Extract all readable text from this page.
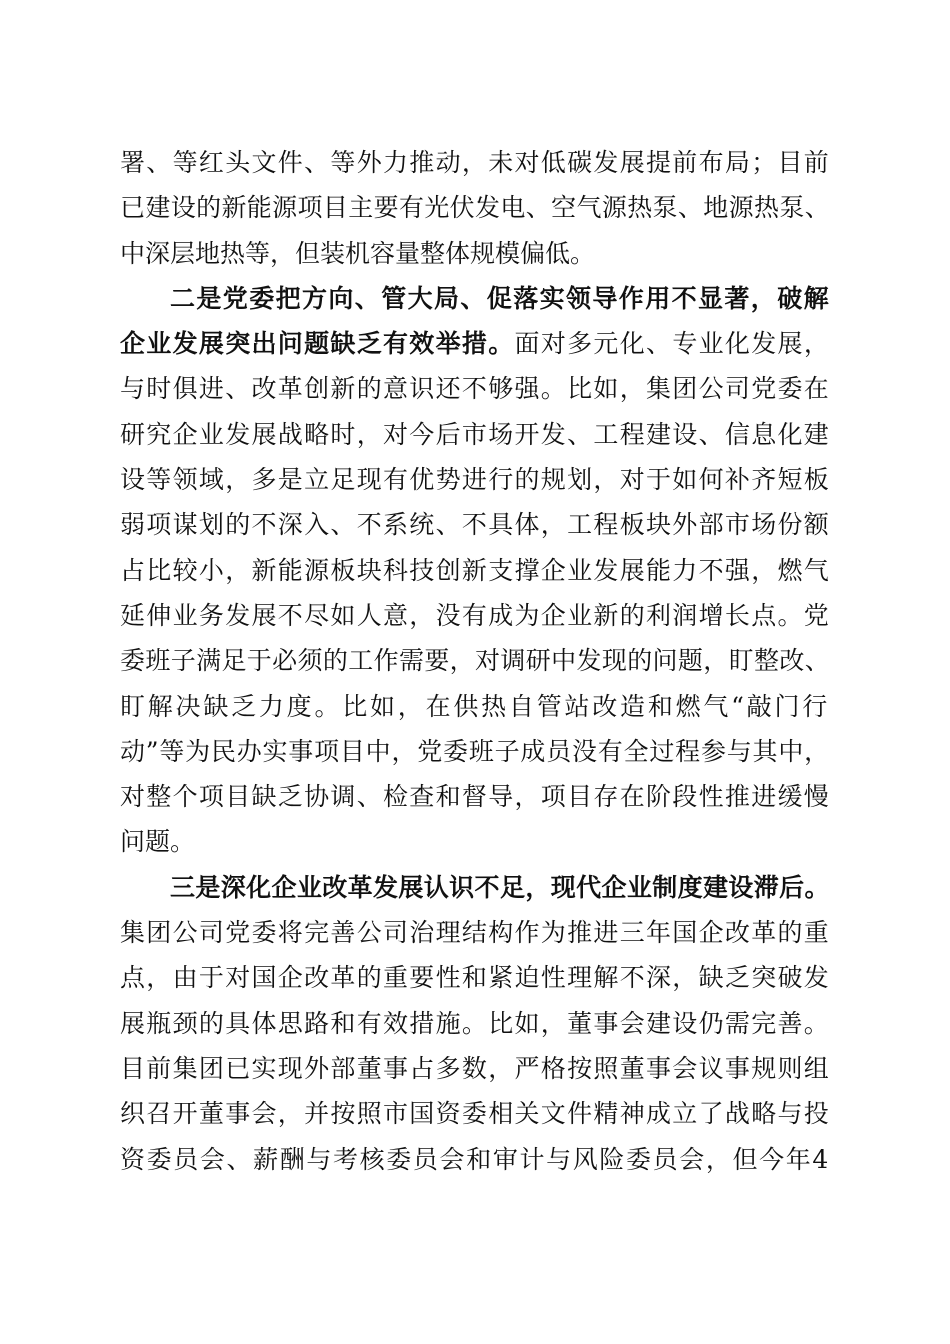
署、等红头文件、等外力推动，未对低碳发展提前布局；目前
已建设的新能源项目主要有光伏发电、空气源热泵、地源热泵、
中深层地热等，但装机容量整体规模偏低。
二是党委把方向、管大局、促落实领导作用不显著，破解
企业发展突出问题缺乏有效举措。面对多元化、专业化发展，
与时俱进、改革创新的意识还不够强。比如，集团公司党委在
研究企业发展战略时，对今后市场开发、工程建设、信息化建
设等领域，多是立足现有优势进行的规划，对于如何补齐短板
弱项谋划的不深入、不系统、不具体，工程板块外部市场份额
占比较小，新能源板块科技创新支撑企业发展能力不强，燃气
延伸业务发展不尽如人意，没有成为企业新的利润增长点。党
委班子满足于必须的工作需要，对调研中发现的问题，盯整改、
盯解决缺乏力度。比如，在供热自管站改造和燃气“敲门行
动”等为民办实事项目中，党委班子成员没有全过程参与其中，
对整个项目缺乏协调、检查和督导，项目存在阶段性推进缓慢
问题。
三是深化企业改革发展认识不足，现代企业制度建设滞后。
集团公司党委将完善公司治理结构作为推进三年国企改革的重
点，由于对国企改革的重要性和紧迫性理解不深，缺乏突破发
展瓶颈的具体思路和有效措施。比如，董事会建设仍需完善。
目前集团已实现外部董事占多数，严格按照董事会议事规则组
织召开董事会，并按照市国资委相关文件精神成立了战略与投
资委员会、薪酬与考核委员会和审计与风险委员会，但今年4
